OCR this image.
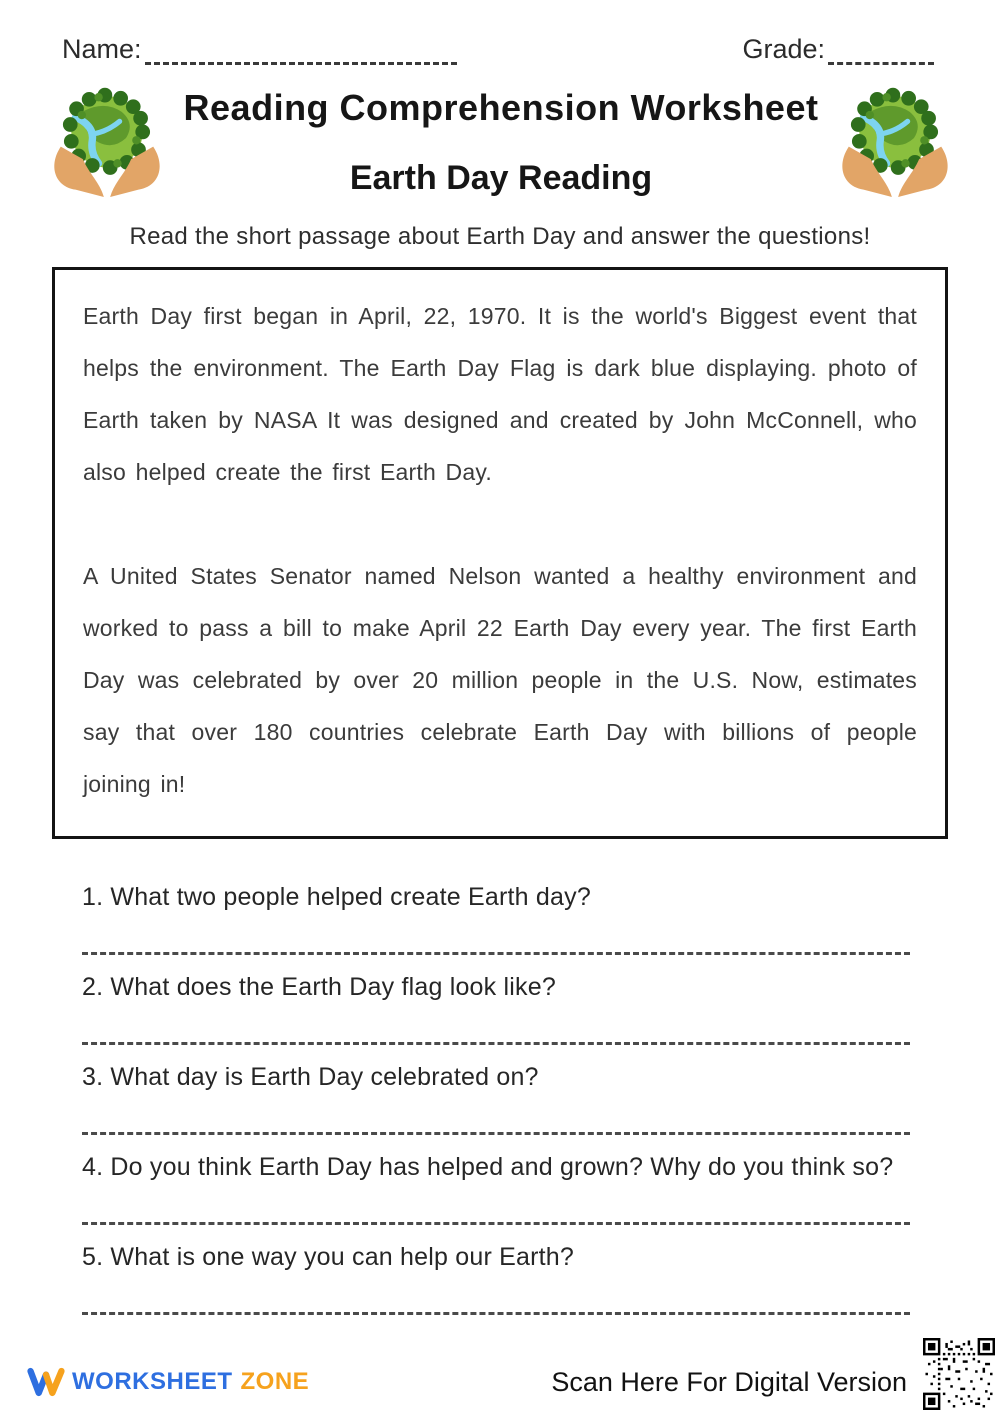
Name:	Grade:
Reading Comprehension Worksheet
Earth Day Reading

Read the short passage about Earth Day and answer the questions!

Earth Day first began in April, 22, 1970. It is the world's Biggest event that helps the environment. The Earth Day Flag is dark blue displaying. photo of Earth taken by NASA It was designed and created by John McConnell, who also helped create the first Earth Day.

A United States Senator named Nelson wanted a healthy environment and worked to pass a bill to make April 22 Earth Day every year. The first Earth Day was celebrated by over 20 million people in the U.S. Now, estimates say that over 180 countries celebrate Earth Day with billions of people joining in!

1. What two people helped create Earth day?

2. What does the Earth Day flag look like?

3. What day is Earth Day celebrated on?

4. Do you think Earth Day has helped and grown? Why do you think so?

5. What is one way you can help our Earth?

WORKSHEET ZONE	Scan Here For Digital Version
